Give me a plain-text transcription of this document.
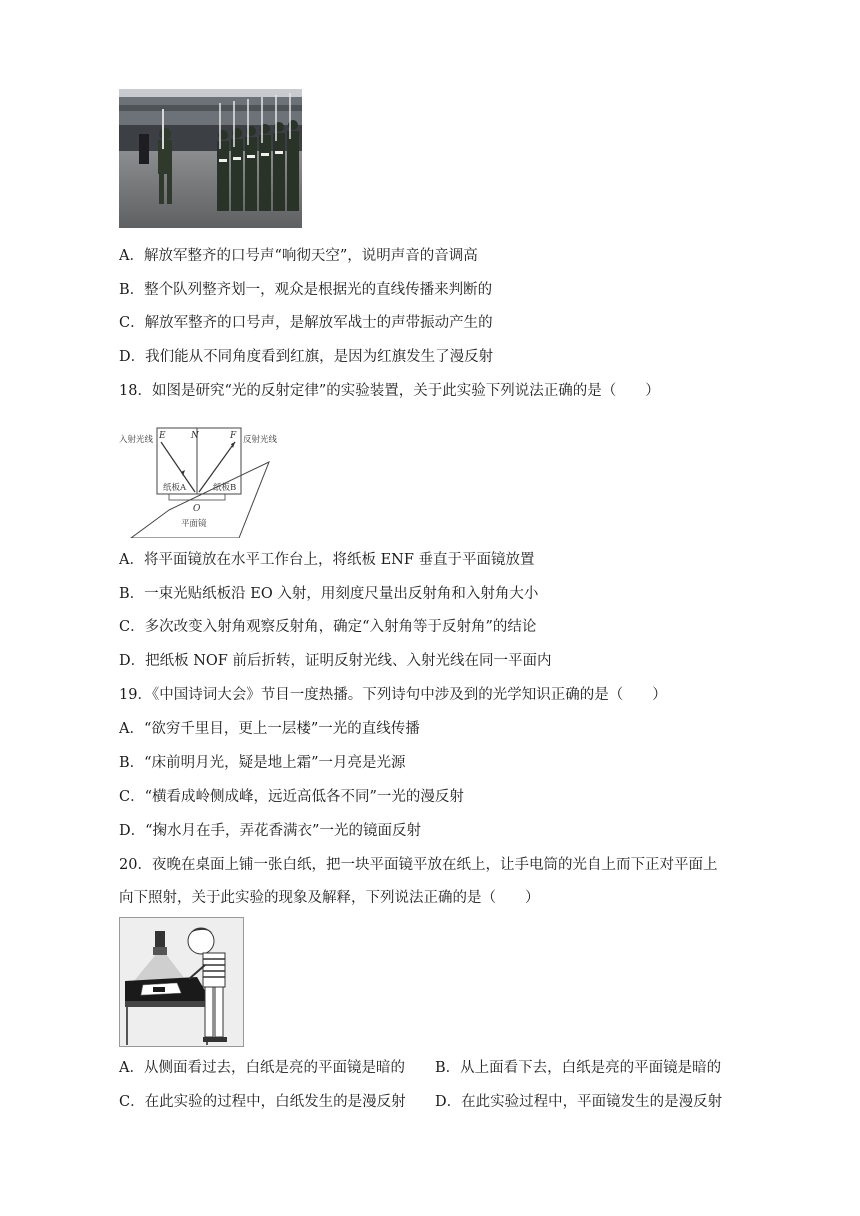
A．解放军整齐的口号声“响彻天空”，说明声音的音调高
B．整个队列整齐划一，观众是根据光的直线传播来判断的
C．解放军整齐的口号声，是解放军战士的声带振动产生的
D．我们能从不同角度看到红旗，是因为红旗发生了漫反射
18．如图是研究“光的反射定律”的实验装置，关于此实验下列说法正确的是（　　）
入射光线	反射光线
E	N	F
纸板A	纸板B
O
平面镜
A．将平面镜放在水平工作台上，将纸板 ENF 垂直于平面镜放置
B．一束光贴纸板沿 EO 入射，用刻度尺量出反射角和入射角大小
C．多次改变入射角观察反射角，确定“入射角等于反射角”的结论
D．把纸板 NOF 前后折转，证明反射光线、入射光线在同一平面内
19．《中国诗词大会》节目一度热播。下列诗句中涉及到的光学知识正确的是（　　）
A．“欲穷千里目，更上一层楼”一光的直线传播
B．“床前明月光，疑是地上霜”一月亮是光源
C．“横看成岭侧成峰，远近高低各不同”一光的漫反射
D．“掬水月在手，弄花香满衣”一光的镜面反射
20．夜晚在桌面上铺一张白纸，把一块平面镜平放在纸上，让手电筒的光自上而下正对平面上
向下照射，关于此实验的现象及解释，下列说法正确的是（　　）
A．从侧面看过去，白纸是亮的平面镜是暗的 B．从上面看下去，白纸是亮的平面镜是暗的
C．在此实验的过程中，白纸发生的是漫反射 D．在此实验过程中，平面镜发生的是漫反射
